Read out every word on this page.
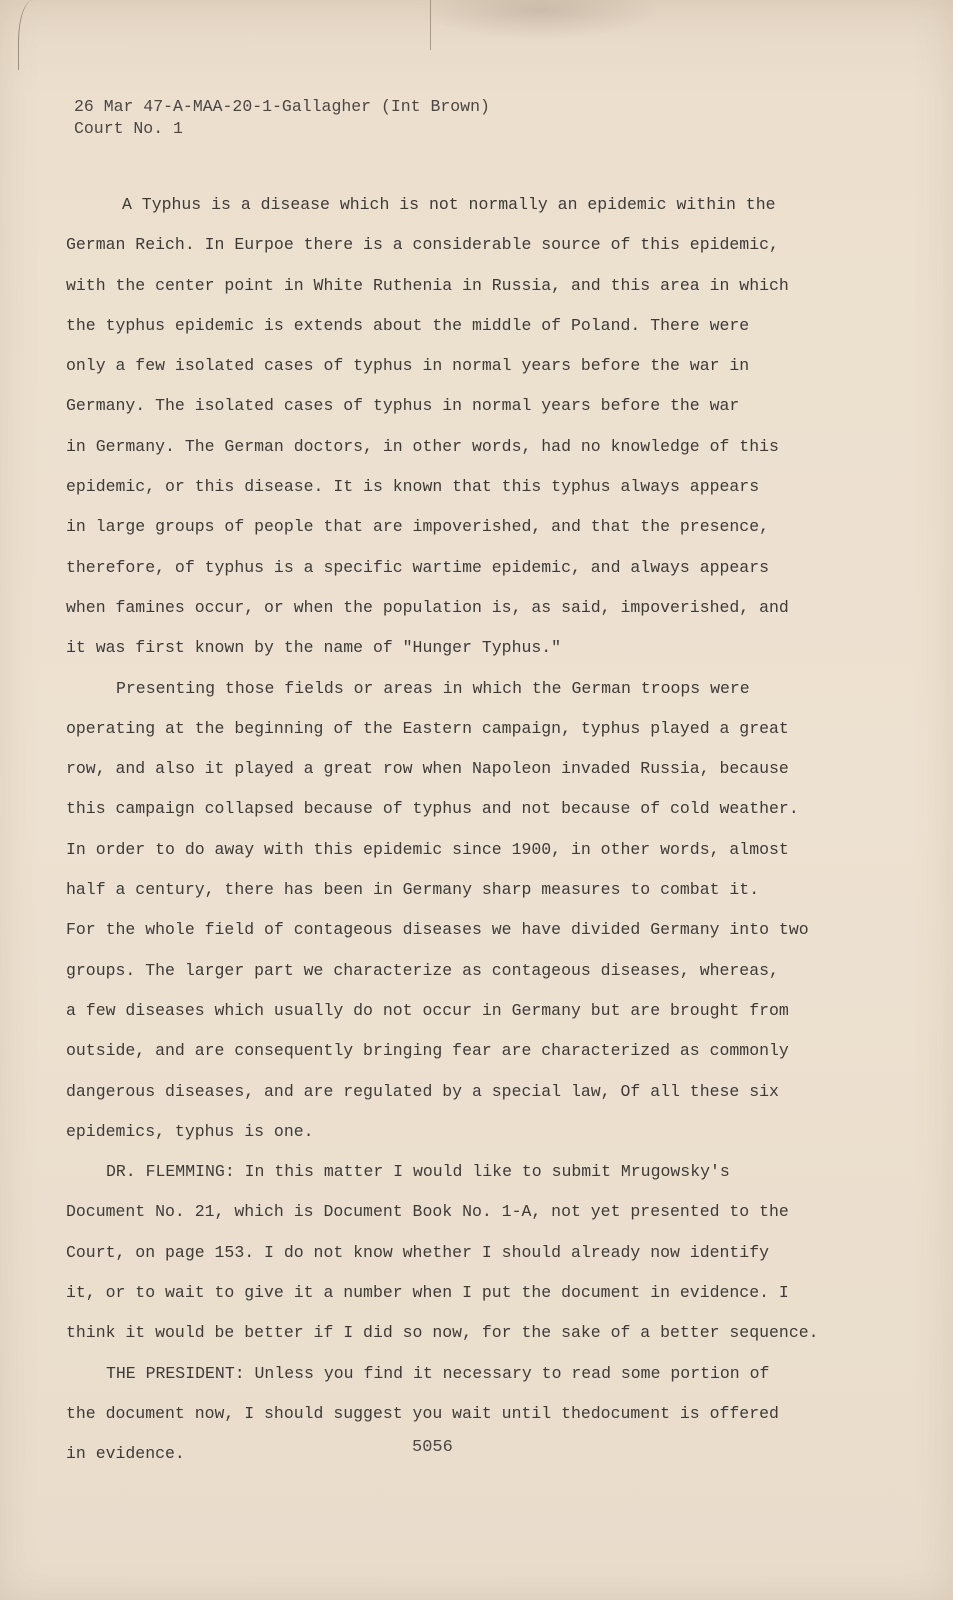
26 Mar 47-A-MAA-20-1-Gallagher (Int Brown)
Court No. 1
A Typhus is a disease which is not normally an epidemic within the
German Reich. In Eurpoe there is a considerable source of this epidemic,
with the center point in White Ruthenia in Russia, and this area in which
the typhus epidemic is extends about the middle of Poland. There were
only a few isolated cases of typhus in normal years before the war in
Germany. The isolated cases of typhus in normal years before the war
in Germany. The German doctors, in other words, had no knowledge of this
epidemic, or this disease. It is known that this typhus always appears
in large groups of people that are impoverished, and that the presence,
therefore, of typhus is a specific wartime epidemic, and always appears
when famines occur, or when the population is, as said, impoverished, and
it was first known by the name of "Hunger Typhus."
Presenting those fields or areas in which the German troops were
operating at the beginning of the Eastern campaign, typhus played a great
row, and also it played a great row when Napoleon invaded Russia, because
this campaign collapsed because of typhus and not because of cold weather.
In order to do away with this epidemic since 1900, in other words, almost
half a century, there has been in Germany sharp measures to combat it.
For the whole field of contageous diseases we have divided Germany into two
groups. The larger part we characterize as contageous diseases, whereas,
a few diseases which usually do not occur in Germany but are brought from
outside, and are consequently bringing fear are characterized as commonly
dangerous diseases, and are regulated by a special law, Of all these six
epidemics, typhus is one.
DR. FLEMMING: In this matter I would like to submit Mrugowsky's
Document No. 21, which is Document Book No. 1-A, not yet presented to the
Court, on page 153. I do not know whether I should already now identify
it, or to wait to give it a number when I put the document in evidence. I
think it would be better if I did so now, for the sake of a better sequence.
THE PRESIDENT: Unless you find it necessary to read some portion of
the document now, I should suggest you wait until thedocument is offered
in evidence.	5056
